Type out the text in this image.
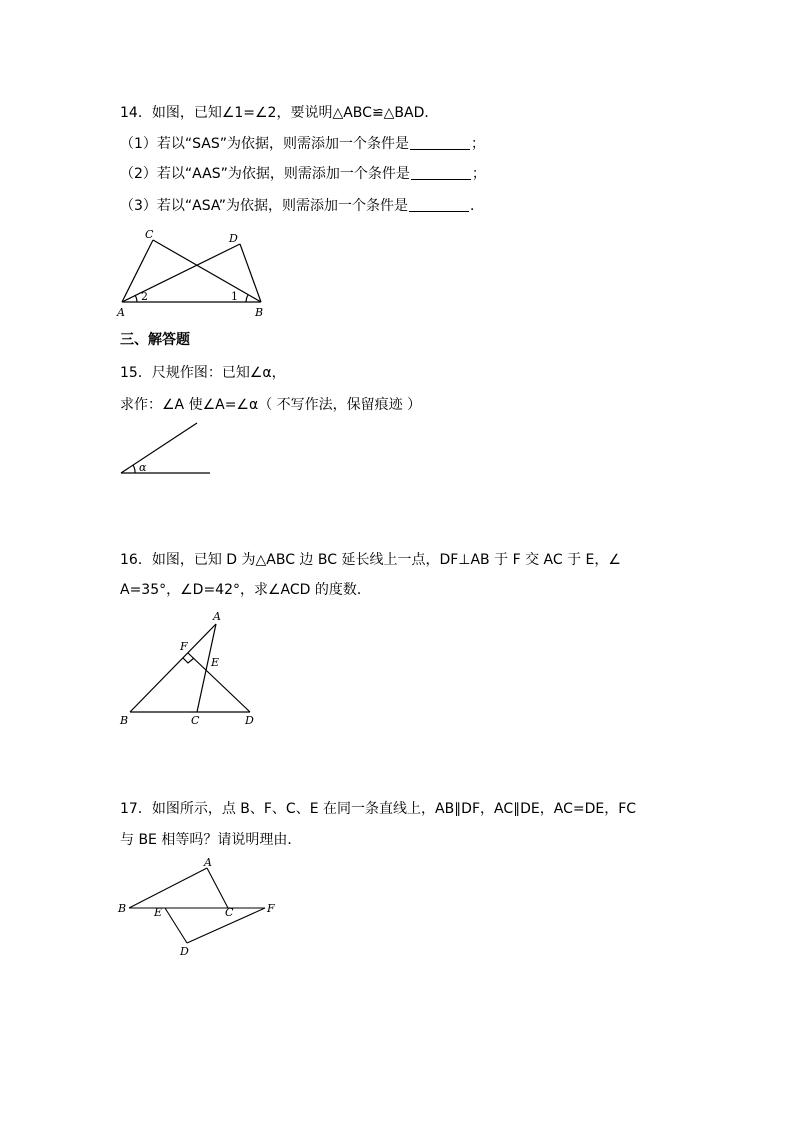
14．如图，已知∠1=∠2，要说明△ABC≌△BAD．
（1）若以“SAS”为依据，则需添加一个条件是	；
（2）若以“AAS”为依据，则需添加一个条件是	；
（3）若以“ASA”为依据，则需添加一个条件是	．
C	D
A	B
2	1
三、解答题
15．尺规作图：已知∠α，
求作：∠A 使∠A=∠α（ 不写作法，保留痕迹 ）
α
16．如图，已知 D 为△ABC 边 BC 延长线上一点，DF⊥AB 于 F 交 AC 于 E，∠
A=35°，∠D=42°，求∠ACD 的度数．
A
F
E
B	C	D
17．如图所示，点 B、F、C、E 在同一条直线上，AB∥DF，AC∥DE，AC=DE，FC
与 BE 相等吗？请说明理由．
A
B	E	C	F
D
